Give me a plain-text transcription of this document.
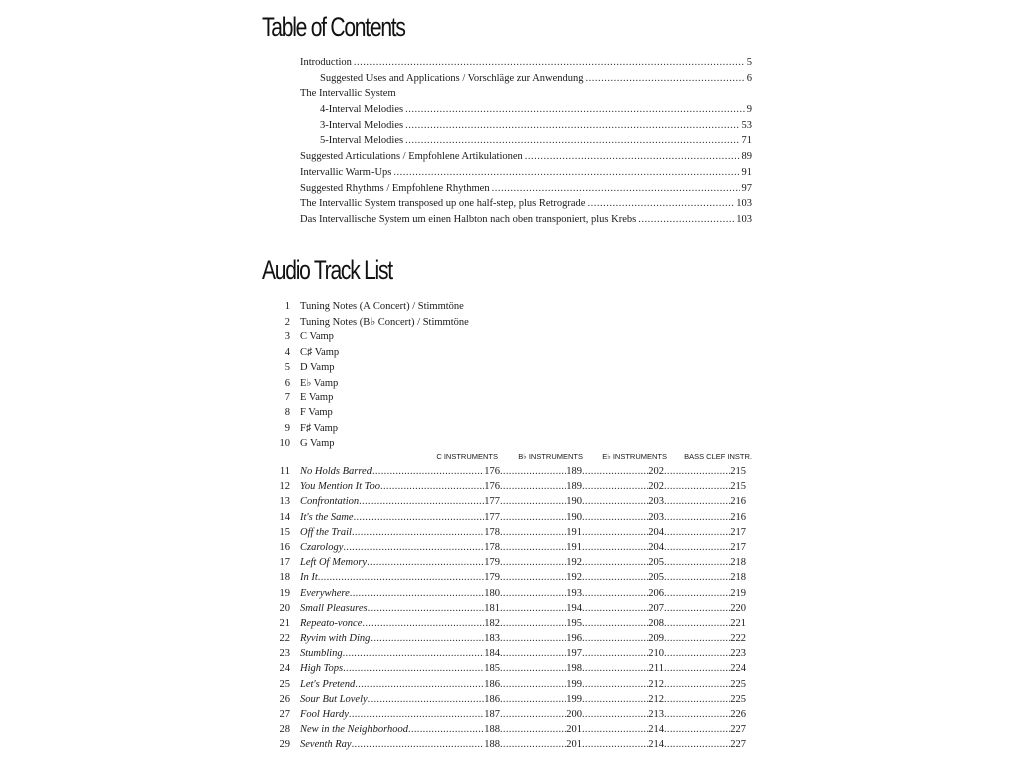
Table of Contents
Introduction .....	5
Suggested Uses and Applications / Vorschläge zur Anwendung .....	6
The Intervallic System
4-Interval Melodies .....	9
3-Interval Melodies .....	53
5-Interval Melodies .....	71
Suggested Articulations / Empfohlene Artikulationen .....	89
Intervallic Warm-Ups .....	91
Suggested Rhythms / Empfohlene Rhythmen .....	97
The Intervallic System transposed up one half-step, plus Retrograde .....	103
Das Intervallische System um einen Halbton nach oben transponiert, plus Krebs .....	103
Audio Track List
1 Tuning Notes (A Concert) / Stimmtöne
2 Tuning Notes (B♭ Concert) / Stimmtöne
3 C Vamp
4 C♯ Vamp
5 D Vamp
6 E♭ Vamp
7 E Vamp
8 F Vamp
9 F♯ Vamp
10 G Vamp
C INSTRUMENTS	B♭ INSTRUMENTS	E♭ INSTRUMENTS	BASS CLEF INSTR.
11 No Holds Barred .....	176 .....	189 .....	202 .....	215
12 You Mention It Too .....	176 .....	189 .....	202 .....	215
13 Confrontation .....	177 .....	190 .....	203 .....	216
14 It's the Same .....	177 .....	190 .....	203 .....	216
15 Off the Trail .....	178 .....	191 .....	204 .....	217
16 Czarology .....	178 .....	191 .....	204 .....	217
17 Left Of Memory .....	179 .....	192 .....	205 .....	218
18 In It .....	179 .....	192 .....	205 .....	218
19 Everywhere .....	180 .....	193 .....	206 .....	219
20 Small Pleasures .....	181 .....	194 .....	207 .....	220
21 Repeato-vonce .....	182 .....	195 .....	208 .....	221
22 Ryvim with Ding .....	183 .....	196 .....	209 .....	222
23 Stumbling .....	184 .....	197 .....	210 .....	223
24 High Tops .....	185 .....	198 .....	211 .....	224
25 Let's Pretend .....	186 .....	199 .....	212 .....	225
26 Sour But Lovely .....	186 .....	199 .....	212 .....	225
27 Fool Hardy .....	187 .....	200 .....	213 .....	226
28 New in the Neighborhood .....	188 .....	201 .....	214 .....	227
29 Seventh Ray .....	188 .....	201 .....	214 .....	227
